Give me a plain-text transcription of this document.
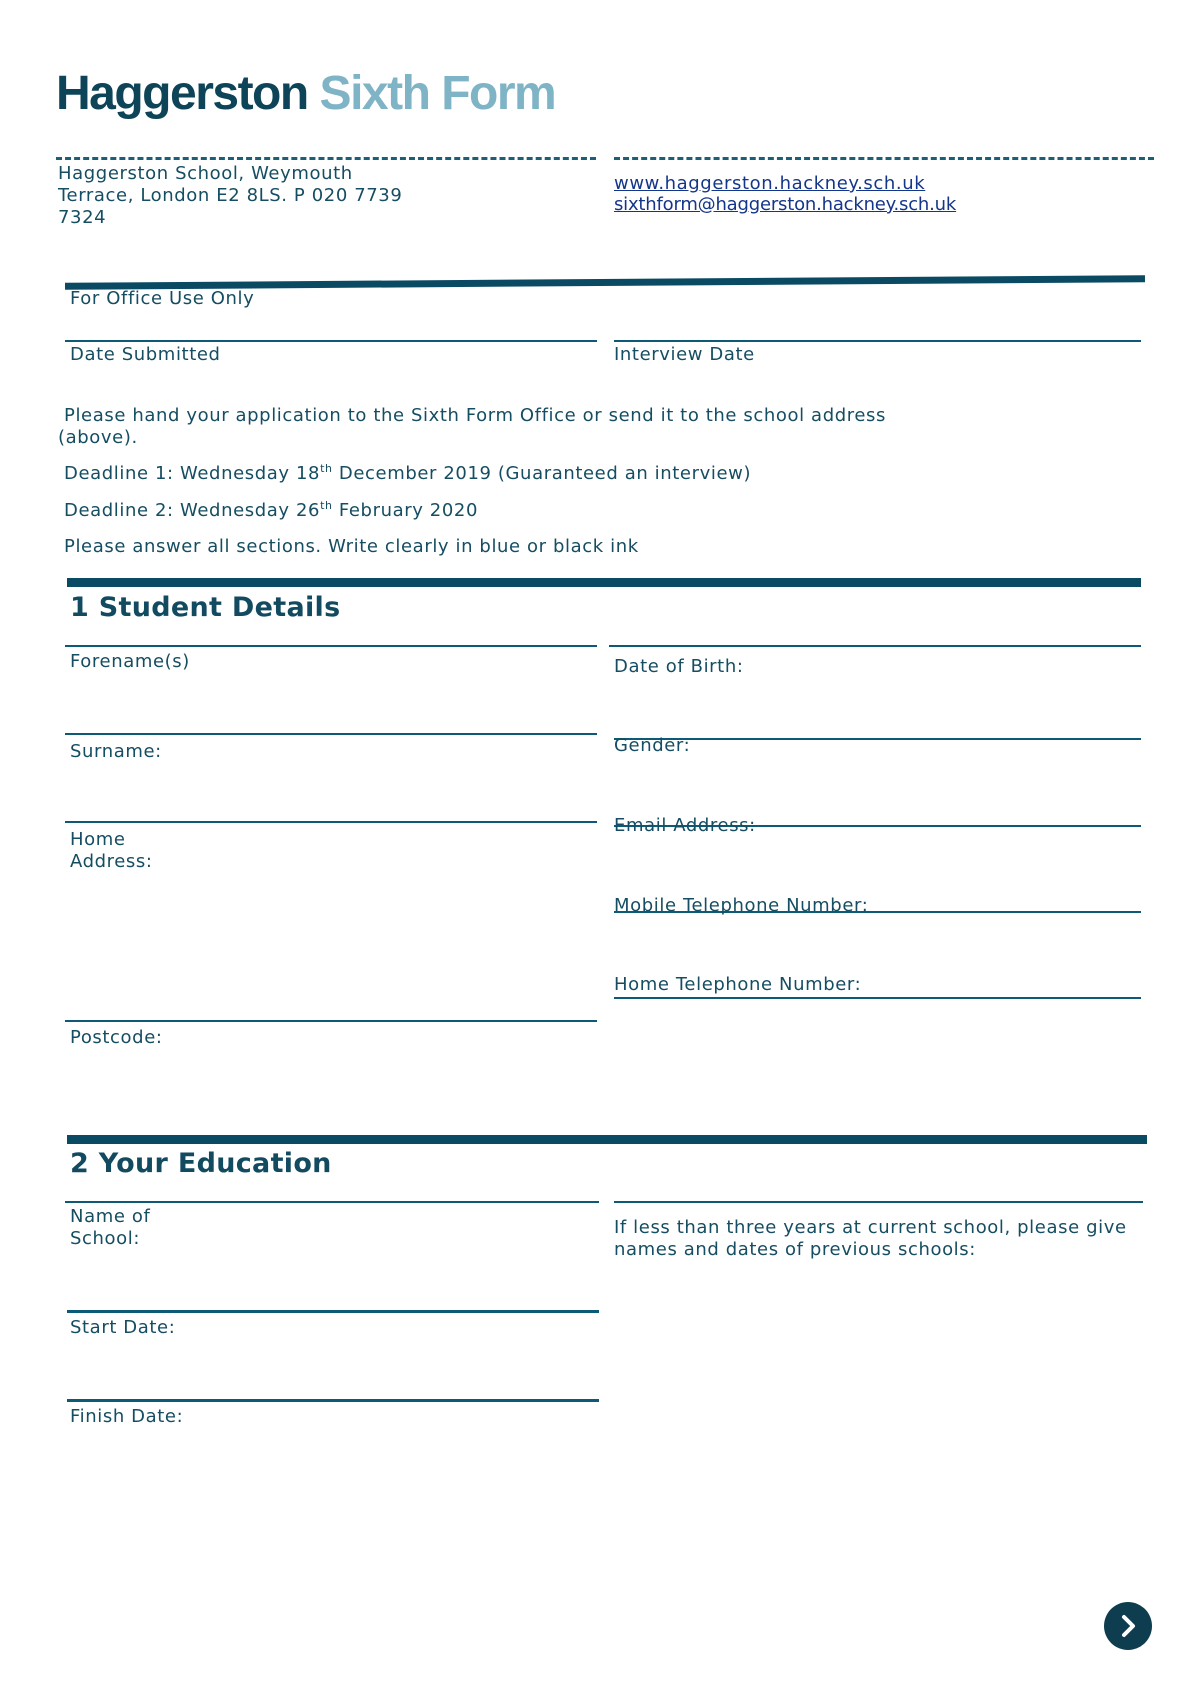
Haggerston Sixth Form
Haggerston School, Weymouth Terrace, London E2 8LS. P 020 7739 7324
www.haggerston.hackney.sch.uk
sixthform@haggerston.hackney.sch.uk
For Office Use Only
Date Submitted	Interview Date
Please hand your application to the Sixth Form Office or send it to the school address (above).
Deadline 1: Wednesday 18th December 2019 (Guaranteed an interview)
Deadline 2: Wednesday 26th February 2020
Please answer all sections. Write clearly in blue or black ink
1 Student Details
Forename(s)	Date of Birth:
Surname:	Gender:
Home Address:
Email Address:
Mobile Telephone Number:
Home Telephone Number:
Postcode:
2 Your Education
Name of School:
If less than three years at current school, please give names and dates of previous schools:
Start Date:
Finish Date:
